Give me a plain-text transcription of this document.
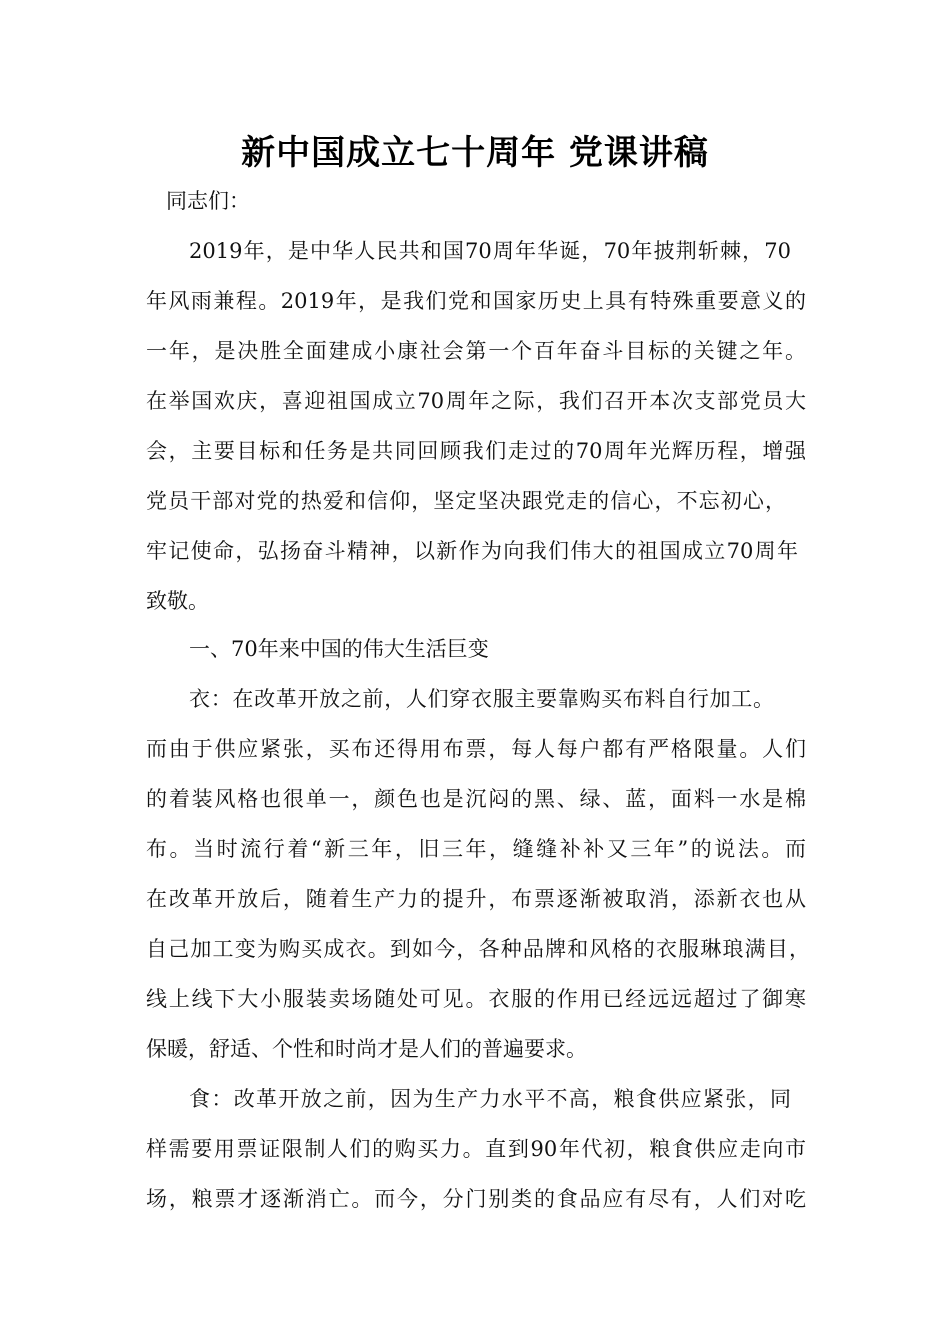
新中国成立七十周年 党课讲稿
同志们：
2019年，是中华人民共和国70周年华诞，70年披荆斩棘，70
年风雨兼程。2019年，是我们党和国家历史上具有特殊重要意义的
一年，是决胜全面建成小康社会第一个百年奋斗目标的关键之年。
在举国欢庆，喜迎祖国成立70周年之际，我们召开本次支部党员大
会，主要目标和任务是共同回顾我们走过的70周年光辉历程，增强
党员干部对党的热爱和信仰，坚定坚决跟党走的信心，不忘初心，
牢记使命，弘扬奋斗精神，以新作为向我们伟大的祖国成立70周年
致敬。
一、70年来中国的伟大生活巨变
衣：在改革开放之前，人们穿衣服主要靠购买布料自行加工。
而由于供应紧张，买布还得用布票，每人每户都有严格限量。人们
的着装风格也很单一，颜色也是沉闷的黑、绿、蓝，面料一水是棉
布。当时流行着“新三年，旧三年，缝缝补补又三年”的说法。而
在改革开放后，随着生产力的提升，布票逐渐被取消，添新衣也从
自己加工变为购买成衣。到如今，各种品牌和风格的衣服琳琅满目，
线上线下大小服装卖场随处可见。衣服的作用已经远远超过了御寒
保暖，舒适、个性和时尚才是人们的普遍要求。
食：改革开放之前，因为生产力水平不高，粮食供应紧张，同
样需要用票证限制人们的购买力。直到90年代初，粮食供应走向市
场，粮票才逐渐消亡。而今，分门别类的食品应有尽有，人们对吃
